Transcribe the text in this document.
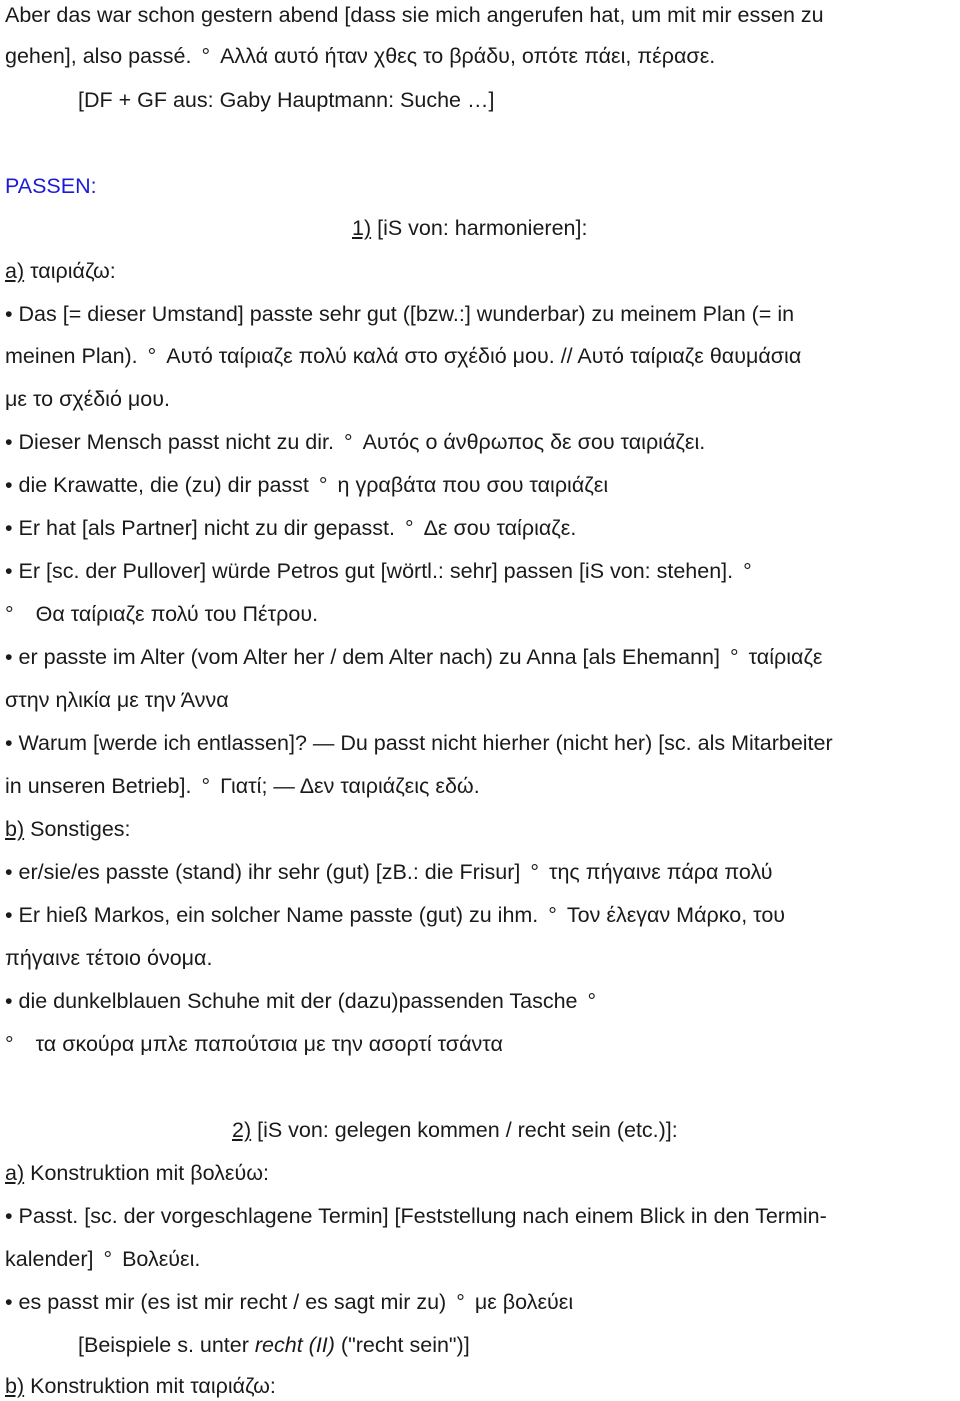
Aber das war schon gestern abend [dass sie mich angerufen hat, um mit mir essen zu
gehen], also passé. ° Αλλά αυτό ήταν χθες το βράδυ, οπότε πάει, πέρασε.
[DF + GF aus: Gaby Hauptmann: Suche …]
PASSEN:
1) [iS von: harmonieren]:
a) ταιριάζω:
• Das [= dieser Umstand] passte sehr gut ([bzw.:] wunderbar) zu meinem Plan (= in
meinen Plan). ° Αυτό ταίριαζε πολύ καλά στο σχέδιό μου. // Αυτό ταίριαζε θαυμάσια
με το σχέδιό μου.
• Dieser Mensch passt nicht zu dir. ° Αυτός ο άνθρωπος δε σου ταιριάζει.
• die Krawatte, die (zu) dir passt ° η γραβάτα που σου ταιριάζει
• Er hat [als Partner] nicht zu dir gepasst. ° Δε σου ταίριαζε.
• Er [sc. der Pullover] würde Petros gut [wörtl.: sehr] passen [iS von: stehen]. °
° Θα ταίριαζε πολύ του Πέτρου.
• er passte im Alter (vom Alter her / dem Alter nach) zu Anna [als Ehemann] ° ταίριαζε
στην ηλικία με την Άννα
• Warum [werde ich entlassen]? — Du passt nicht hierher (nicht her) [sc. als Mitarbeiter
in unseren Betrieb]. ° Γιατί; — Δεν ταιριάζεις εδώ.
b) Sonstiges:
• er/sie/es passte (stand) ihr sehr (gut) [zB.: die Frisur] ° της πήγαινε πάρα πολύ
• Er hieß Markos, ein solcher Name passte (gut) zu ihm. ° Τον έλεγαν Μάρκο, του
πήγαινε τέτοιο όνομα.
• die dunkelblauen Schuhe mit der (dazu)passenden Tasche °
° τα σκούρα μπλε παπούτσια με την ασορτί τσάντα
2) [iS von: gelegen kommen / recht sein (etc.)]:
a) Konstruktion mit βολεύω:
• Passt. [sc. der vorgeschlagene Termin] [Feststellung nach einem Blick in den Termin-
kalender] ° Βολεύει.
• es passt mir (es ist mir recht / es sagt mir zu) ° με βολεύει
[Beispiele s. unter recht (II) ("recht sein")]
b) Konstruktion mit ταιριάζω:
